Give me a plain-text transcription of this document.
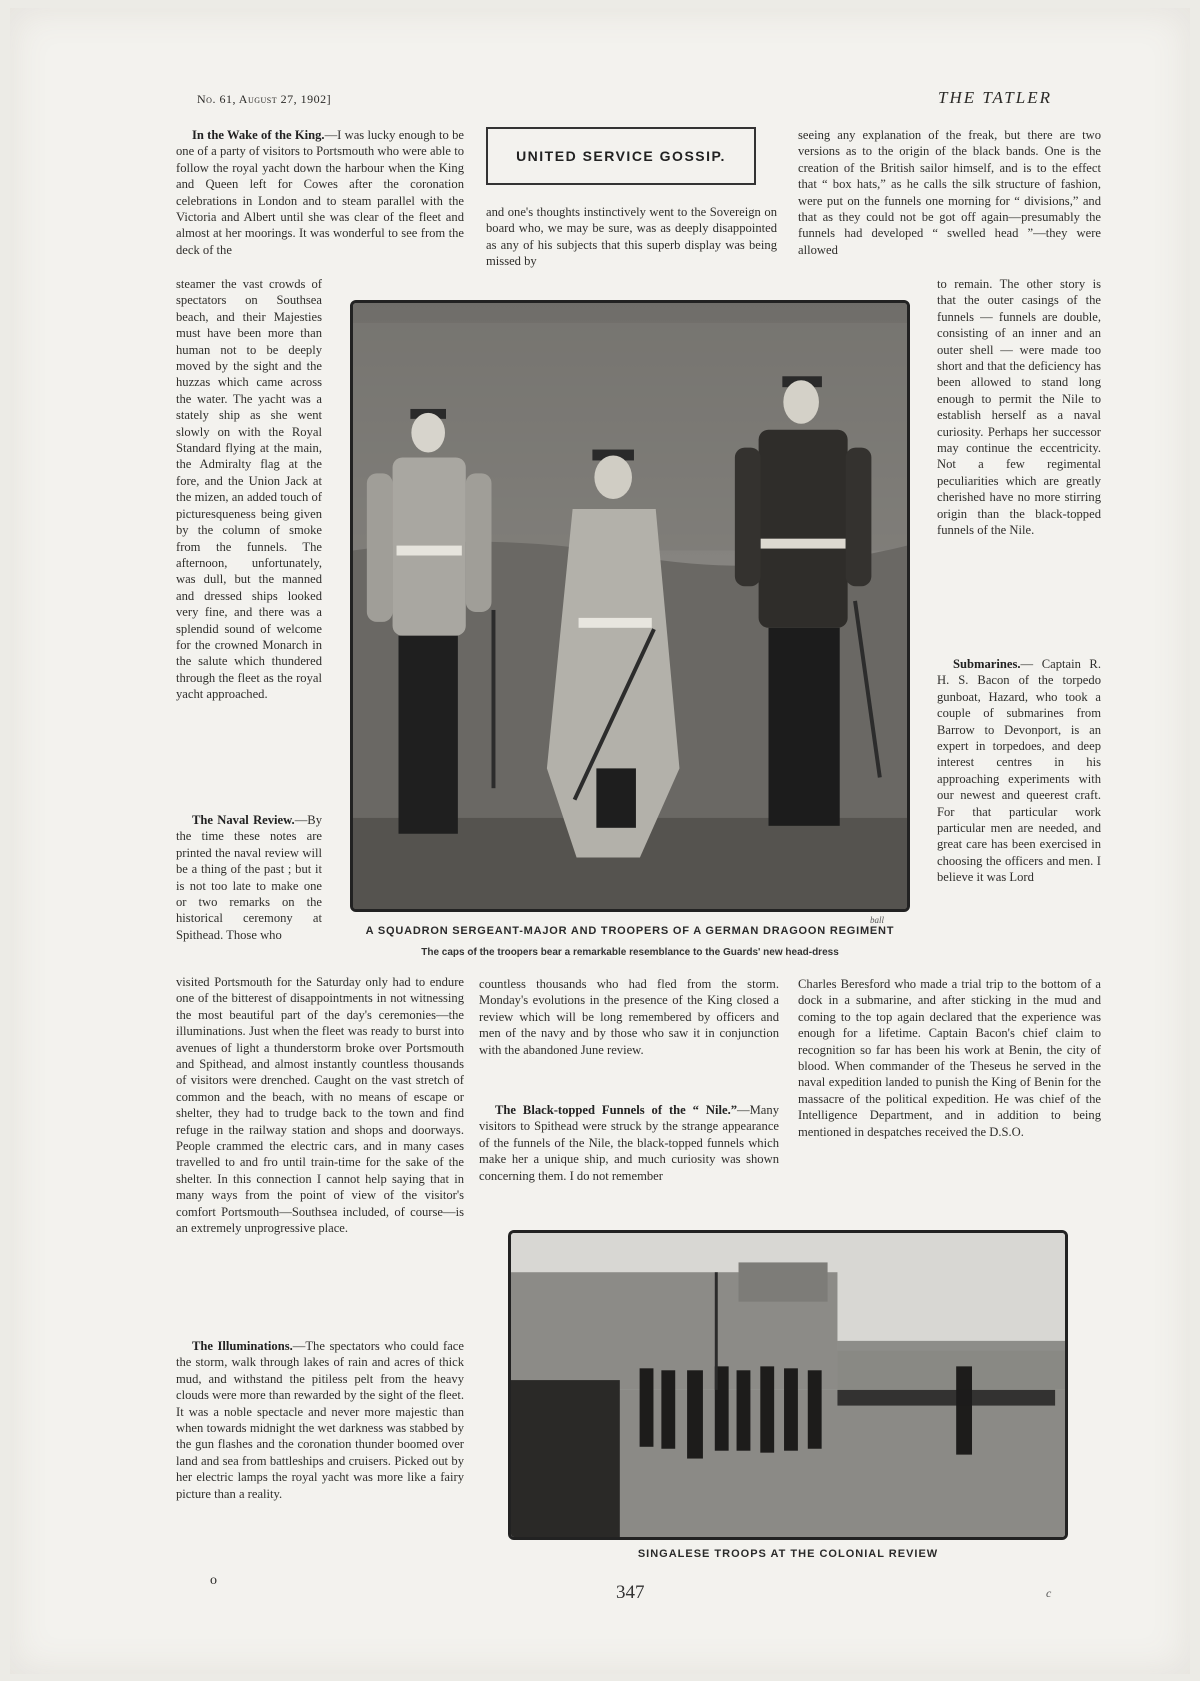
No. 61, August 27, 1902]	THE TATLER

In the Wake of the King.—I was lucky enough to be one of a party of visitors to Portsmouth who were able to follow the royal yacht down the harbour when the King and Queen left for Cowes after the coronation celebrations in London and to steam parallel with the Victoria and Albert until she was clear of the fleet and almost at her moorings. It was wonderful to see from the deck of the

steamer the vast crowds of spectators on Southsea beach, and their Majesties must have been more than human not to be deeply moved by the sight and the huzzas which came across the water. The yacht was a stately ship as she went slowly on with the Royal Standard flying at the main, the Admiralty flag at the fore, and the Union Jack at the mizen, an added touch of picturesqueness being given by the column of smoke from the funnels. The afternoon, unfortunately, was dull, but the manned and dressed ships looked very fine, and there was a splendid sound of welcome for the crowned Monarch in the salute which thundered through the fleet as the royal yacht approached.

The Naval Review.—By the time these notes are printed the naval review will be a thing of the past ; but it is not too late to make one or two remarks on the historical ceremony at Spithead. Those who

visited Portsmouth for the Saturday only had to endure one of the bitterest of disappointments in not witnessing the most beautiful part of the day's ceremonies—the illuminations. Just when the fleet was ready to burst into avenues of light a thunderstorm broke over Portsmouth and Spithead, and almost instantly countless thousands of visitors were drenched. Caught on the vast stretch of common and the beach, with no means of escape or shelter, they had to trudge back to the town and find refuge in the railway station and shops and doorways. People crammed the electric cars, and in many cases travelled to and fro until train-time for the sake of the shelter. In this connection I cannot help saying that in many ways from the point of view of the visitor's comfort Portsmouth—Southsea included, of course—is an extremely unprogressive place.

The Illuminations.—The spectators who could face the storm, walk through lakes of rain and acres of thick mud, and withstand the pitiless pelt from the heavy clouds were more than rewarded by the sight of the fleet. It was a noble spectacle and never more majestic than when towards midnight the wet darkness was stabbed by the gun flashes and the coronation thunder boomed over land and sea from battleships and cruisers. Picked out by her electric lamps the royal yacht was more like a fairy picture than a reality.

UNITED SERVICE GOSSIP.
and one's thoughts instinctively went to the Sovereign on board who, we may be sure, was as deeply disappointed as any of his subjects that this superb display was being missed by
countless thousands who had fled from the storm. Monday's evolutions in the presence of the King closed a review which will be long remembered by officers and men of the navy and by those who saw it in conjunction with the abandoned June review.

The Black-topped Funnels of the “ Nile.”—Many visitors to Spithead were struck by the strange appearance of the funnels of the Nile, the black-topped funnels which make her a unique ship, and much curiosity was shown concerning them. I do not remember

seeing any explanation of the freak, but there are two versions as to the origin of the black bands. One is the creation of the British sailor himself, and is to the effect that “ box hats,” as he calls the silk structure of fashion, were put on the funnels one morning for “ divisions,” and that as they could not be got off again—presumably the funnels had developed “ swelled head ”—they were allowed
to remain. The other story is that the outer casings of the funnels — funnels are double, consisting of an inner and an outer shell — were made too short and that the deficiency has been allowed to stand long enough to permit the Nile to establish herself as a naval curiosity. Perhaps her successor may continue the eccentricity. Not a few regimental peculiarities which are greatly cherished have no more stirring origin than the black-topped funnels of the Nile.

Submarines.— Captain R. H. S. Bacon of the torpedo gunboat, Hazard, who took a couple of submarines from Barrow to Devonport, is an expert in torpedoes, and deep interest centres in his approaching experiments with our newest and queerest craft. For that particular work particular men are needed, and great care has been exercised in choosing the officers and men. I believe it was Lord

Charles Beresford who made a trial trip to the bottom of a dock in a submarine, and after sticking in the mud and coming to the top again declared that the experience was enough for a lifetime. Captain Bacon's chief claim to recognition so far has been his work at Benin, the city of blood. When commander of the Theseus he served in the naval expedition landed to punish the King of Benin for the massacre of the political expedition. He was chief of the Intelligence Department, and in addition to being mentioned in despatches received the D.S.O.
ball
A SQUADRON SERGEANT-MAJOR AND TROOPERS OF A GERMAN DRAGOON REGIMENT
The caps of the troopers bear a remarkable resemblance to the Guards' new head-dress
SINGALESE TROOPS AT THE COLONIAL REVIEW
347
o
c
